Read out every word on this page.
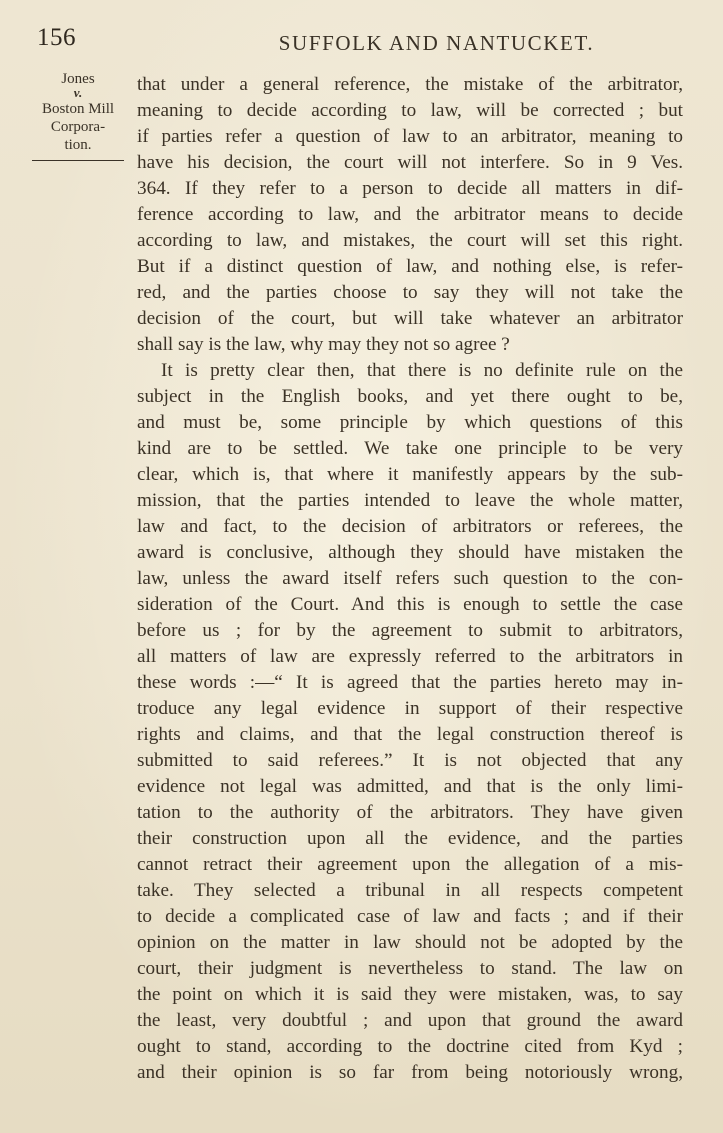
156	SUFFOLK AND NANTUCKET.
Jones
v.
Boston Mill
Corpora-
tion.
that under a general reference, the mistake of the arbitrator,
meaning to decide according to law, will be corrected ; but
if parties refer a question of law to an arbitrator, meaning to
have his decision, the court will not interfere. So in 9 Ves.
364. If they refer to a person to decide all matters in dif-
ference according to law, and the arbitrator means to decide
according to law, and mistakes, the court will set this right.
But if a distinct question of law, and nothing else, is refer-
red, and the parties choose to say they will not take the
decision of the court, but will take whatever an arbitrator
shall say is the law, why may they not so agree ?
It is pretty clear then, that there is no definite rule on the
subject in the English books, and yet there ought to be,
and must be, some principle by which questions of this
kind are to be settled. We take one principle to be very
clear, which is, that where it manifestly appears by the sub-
mission, that the parties intended to leave the whole matter,
law and fact, to the decision of arbitrators or referees, the
award is conclusive, although they should have mistaken the
law, unless the award itself refers such question to the con-
sideration of the Court. And this is enough to settle the case
before us ; for by the agreement to submit to arbitrators,
all matters of law are expressly referred to the arbitrators in
these words :—“ It is agreed that the parties hereto may in-
troduce any legal evidence in support of their respective
rights and claims, and that the legal construction thereof is
submitted to said referees.” It is not objected that any
evidence not legal was admitted, and that is the only limi-
tation to the authority of the arbitrators. They have given
their construction upon all the evidence, and the parties
cannot retract their agreement upon the allegation of a mis-
take. They selected a tribunal in all respects competent
to decide a complicated case of law and facts ; and if their
opinion on the matter in law should not be adopted by the
court, their judgment is nevertheless to stand. The law on
the point on which it is said they were mistaken, was, to say
the least, very doubtful ; and upon that ground the award
ought to stand, according to the doctrine cited from Kyd ;
and their opinion is so far from being notoriously wrong,
